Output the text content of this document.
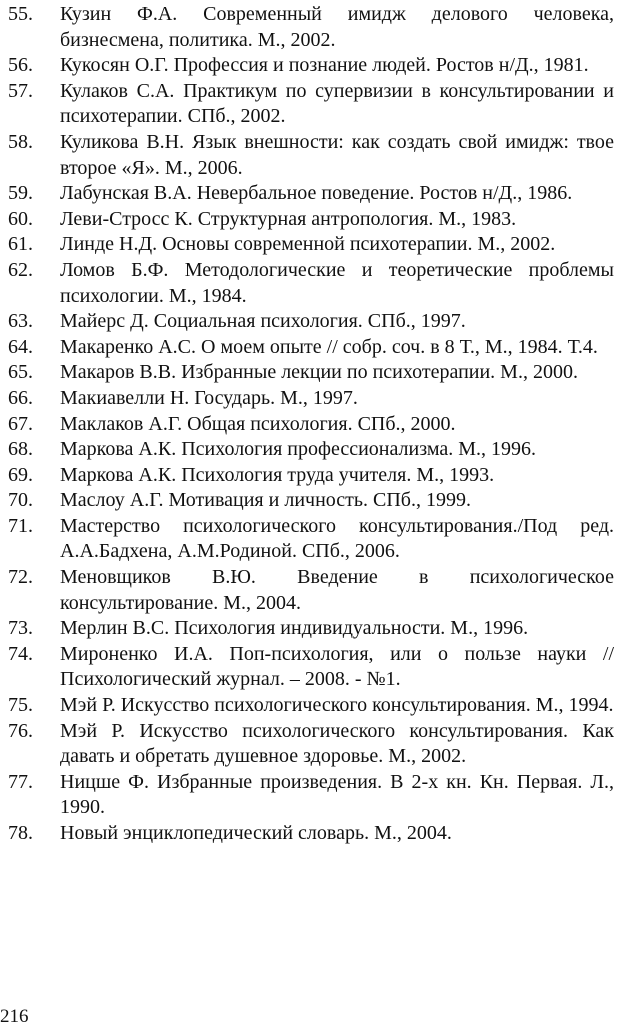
55. Кузин Ф.А. Современный имидж делового человека, бизнесмена, политика. М., 2002.
56. Кукосян О.Г. Профессия и познание людей. Ростов н/Д., 1981.
57. Кулаков С.А. Практикум по супервизии в консультировании и психотерапии. СПб., 2002.
58. Куликова В.Н. Язык внешности: как создать свой имидж: твое второе «Я». М., 2006.
59. Лабунская В.А. Невербальное поведение. Ростов н/Д., 1986.
60. Леви-Стросс К. Структурная антропология. М., 1983.
61. Линде Н.Д. Основы современной психотерапии. М., 2002.
62. Ломов Б.Ф. Методологические и теоретические проблемы психологии. М., 1984.
63. Майерс Д. Социальная психология. СПб., 1997.
64. Макаренко А.С. О моем опыте // собр. соч. в 8 Т., М., 1984. Т.4.
65. Макаров В.В. Избранные лекции по психотерапии. М., 2000.
66. Макиавелли Н. Государь. М., 1997.
67. Маклаков А.Г. Общая психология. СПб., 2000.
68. Маркова А.К. Психология профессионализма. М., 1996.
69. Маркова А.К. Психология труда учителя. М., 1993.
70. Маслоу А.Г. Мотивация и личность. СПб., 1999.
71. Мастерство психологического консультирования./Под ред. А.А.Бадхена, А.М.Родиной. СПб., 2006.
72. Меновщиков В.Ю. Введение в психологическое консультирование. М., 2004.
73. Мерлин В.С. Психология индивидуальности. М., 1996.
74. Мироненко И.А. Поп-психология, или о пользе науки // Психологический журнал. – 2008. - №1.
75. Мэй Р. Искусство психологического консультирования. М., 1994.
76. Мэй Р. Искусство психологического консультирования. Как давать и обретать душевное здоровье. М., 2002.
77. Ницше Ф. Избранные произведения. В 2-х кн. Кн. Первая. Л., 1990.
78. Новый энциклопедический словарь. М., 2004.
216
